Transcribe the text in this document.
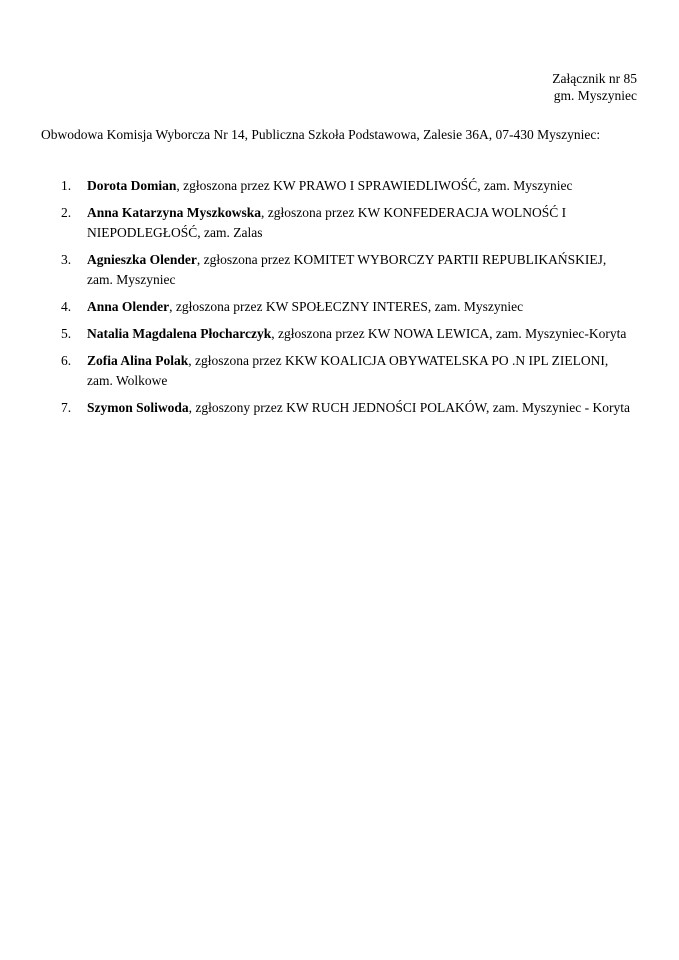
Załącznik nr 85
gm. Myszyniec
Obwodowa Komisja Wyborcza Nr 14, Publiczna Szkoła Podstawowa, Zalesie 36A, 07-430 Myszyniec:
1. Dorota Domian, zgłoszona przez KW PRAWO I SPRAWIEDLIWOŚĆ, zam. Myszyniec
2. Anna Katarzyna Myszkowska, zgłoszona przez KW KONFEDERACJA WOLNOŚĆ I NIEPODLEGŁOŚĆ, zam. Zalas
3. Agnieszka Olender, zgłoszona przez KOMITET WYBORCZY PARTII REPUBLIKAŃSKIEJ, zam. Myszyniec
4. Anna Olender, zgłoszona przez KW SPOŁECZNY INTERES, zam. Myszyniec
5. Natalia Magdalena Płocharczyk, zgłoszona przez KW NOWA LEWICA, zam. Myszyniec-Koryta
6. Zofia Alina Polak, zgłoszona przez KKW KOALICJA OBYWATELSKA PO .N IPL ZIELONI, zam. Wolkowe
7. Szymon Soliwoda, zgłoszony przez KW RUCH JEDNOŚCI POLAKÓW, zam. Myszyniec - Koryta
